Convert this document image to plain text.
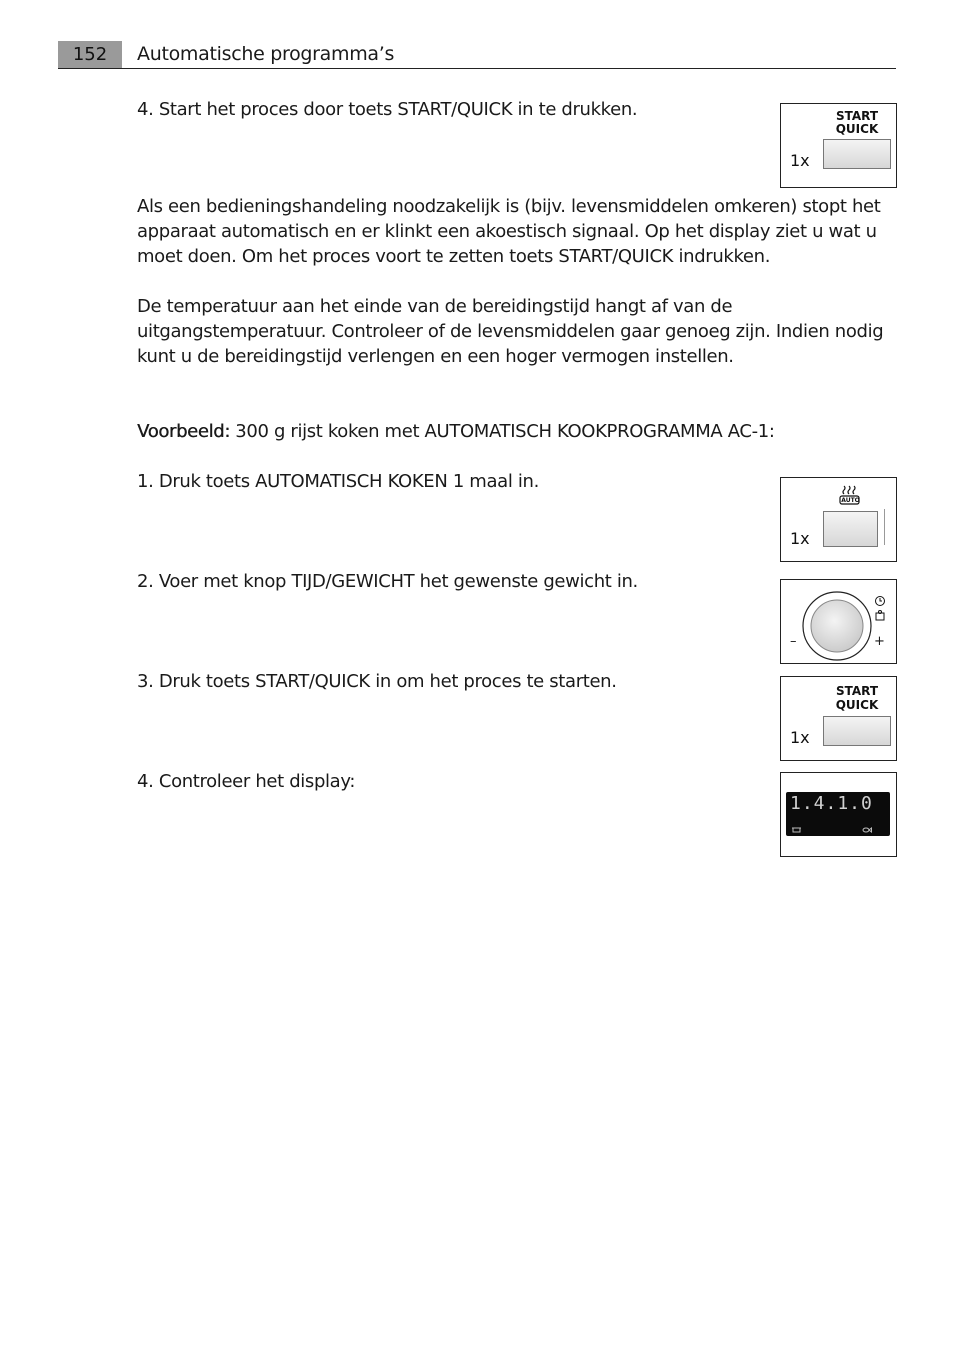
152	Automatische programma’s
4. Start het proces door toets START/QUICK in te drukken.
Als een bedieningshandeling noodzakelijk is (bijv. levensmiddelen omkeren) stopt het
apparaat automatisch en er klinkt een akoestisch signaal. Op het display ziet u wat u
moet doen. Om het proces voort te zetten toets START/QUICK indrukken.
De temperatuur aan het einde van de bereidingstijd hangt af van de
uitgangstemperatuur. Controleer of de levensmiddelen gaar genoeg zijn. Indien nodig
kunt u de bereidingstijd verlengen en een hoger vermogen instellen.
Voorbeeld: 300 g rijst koken met AUTOMATISCH KOOKPROGRAMMA AC-1:
1. Druk toets AUTOMATISCH KOKEN 1 maal in.
2. Voer met knop TIJD/GEWICHT het gewenste gewicht in.
3. Druk toets START/QUICK in om het proces te starten.
4. Controleer het display:
START
QUICK
1x
AUTO
1x
–	+
START
QUICK
1x
1.4.1.0
